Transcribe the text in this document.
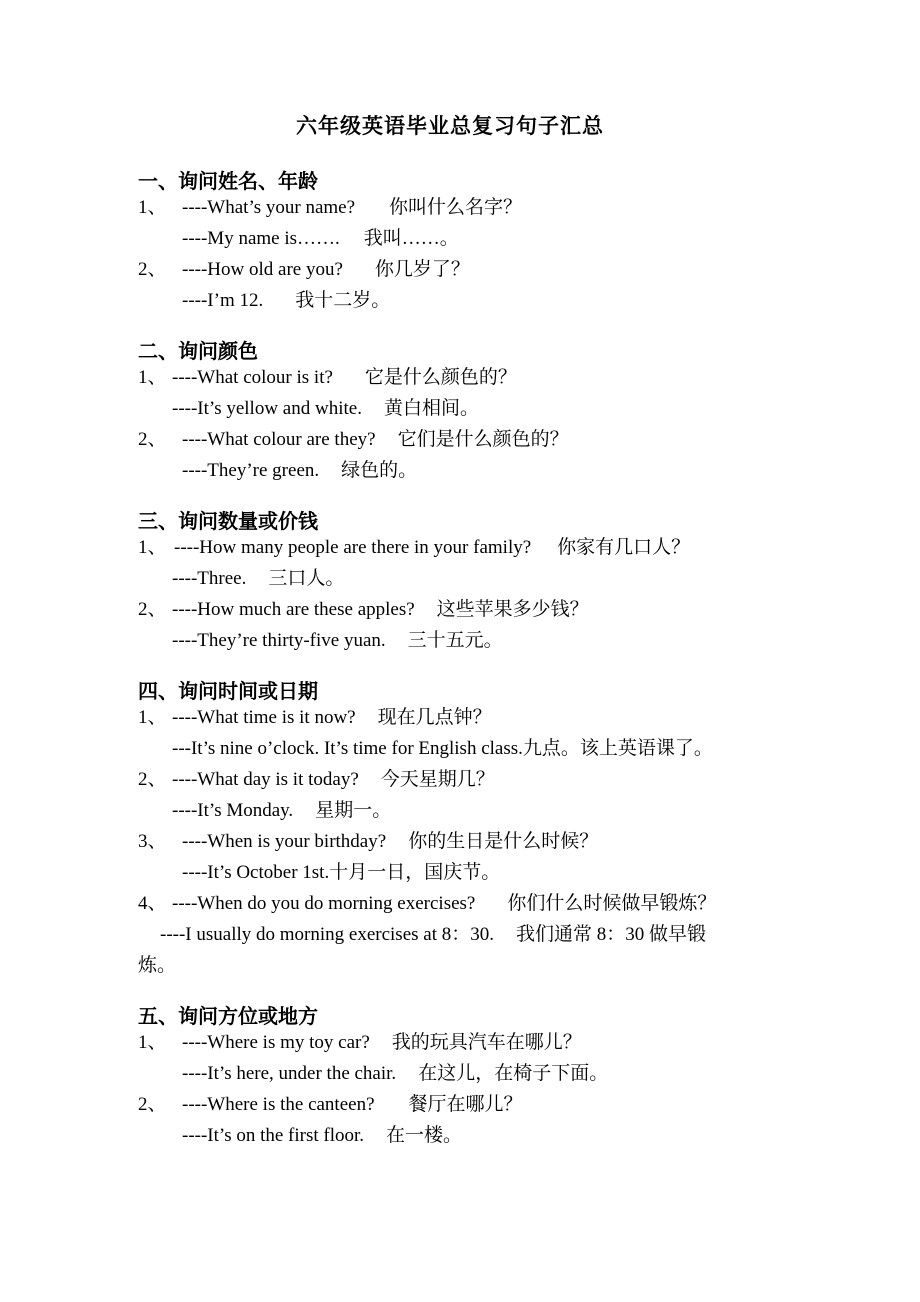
六年级英语毕业总复习句子汇总
一、询问姓名、年龄
1、 ----What’s your name? 你叫什么名字？
----My name is……. 我叫……。
2、 ----How old are you? 你几岁了？
----I’m 12. 我十二岁。
二、询问颜色
1、 ----What colour is it? 它是什么颜色的？
----It’s yellow and white. 黄白相间。
2、 ----What colour are they? 它们是什么颜色的？
----They’re green. 绿色的。
三、询问数量或价钱
1、 ----How many people are there in your family? 你家有几口人？
----Three. 三口人。
2、 ----How much are these apples? 这些苹果多少钱？
----They’re thirty-five yuan. 三十五元。
四、询问时间或日期
1、 ----What time is it now? 现在几点钟？
---It’s nine o’clock. It’s time for English class.九点。该上英语课了。
2、 ----What day is it today? 今天星期几？
----It’s Monday. 星期一。
3、 ----When is your birthday? 你的生日是什么时候？
----It’s October 1st.十月一日，国庆节。
4、 ----When do you do morning exercises? 你们什么时候做早锻炼？
----I usually do morning exercises at 8：30. 我们通常 8：30 做早锻
炼。
五、询问方位或地方
1、 ----Where is my toy car? 我的玩具汽车在哪儿？
----It’s here, under the chair. 在这儿，在椅子下面。
2、 ----Where is the canteen? 餐厅在哪儿？
----It’s on the first floor. 在一楼。
